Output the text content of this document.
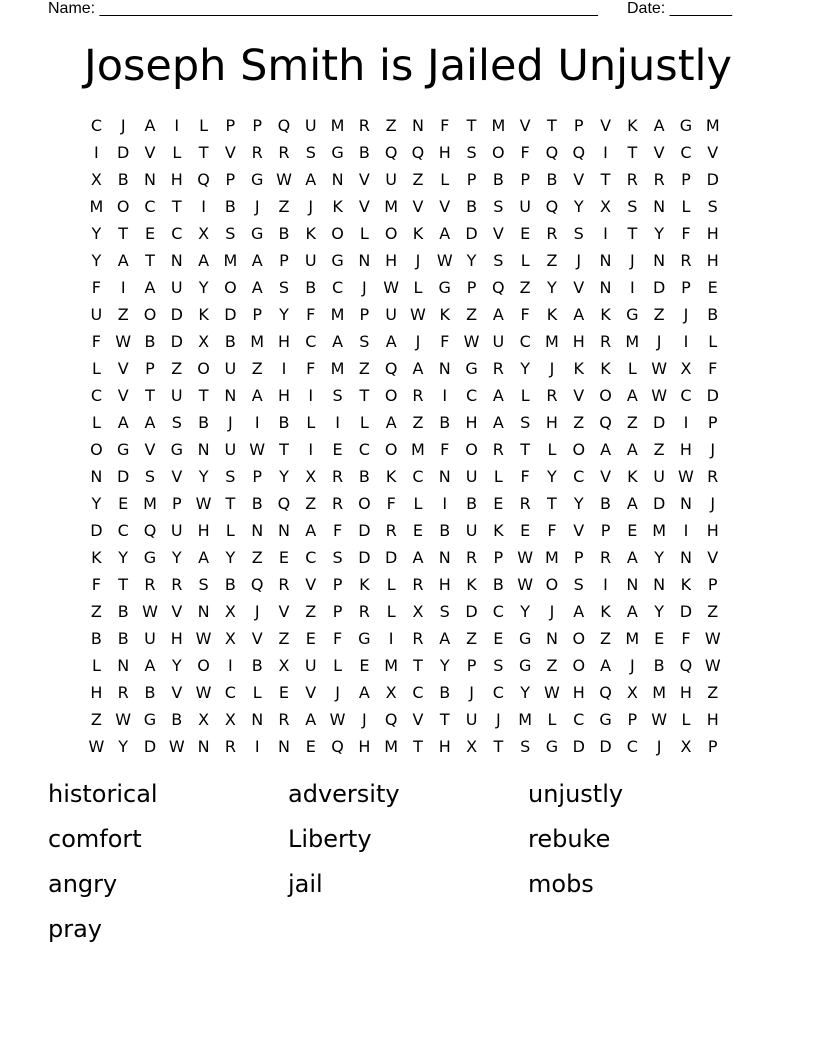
Name: ________________________________________________________ Date: _______
Joseph Smith is Jailed Unjustly
C	J	A	I	L	P	P Q U M R Z N	F	T M V	T	P	V	K	A G M
I	D V	L	T	V R R	S G B Q Q H S O F Q Q	I	T	V C V
X B N H Q P G W A N V U Z	L	P	B	P	B V	T	R R	P D
M O C	T	I	B	J	Z	J	K	V M V V B	S U Q Y	X	S N	L	S
Y	T	E	C X	S G B	K O	L	O K	A D V	E	R	S	I	T	Y	F	H
Y	A	T N A M A	P	U G N H	J	W Y	S	L	Z	J	N	J	N R H
F	I	A U	Y O A	S	B C	J	W L	G P Q Z	Y	V N	I	D P	E
U Z O D K D P	Y	F M P	U W K	Z A	F	K	A	K G Z	J	B
F W B D X B M H C A	S	A	J	F W U C M H R M	J	I	L
L	V	P	Z O U Z	I	F M Z Q A N G R	Y	J	K	K	L W X	F
C V	T	U	T N A H	I	S	T O R	I	C A	L	R V O A W C D
L	A A	S	B	J	I	B	L	I	L	A Z B H A	S H Z Q Z D	I	P
O G V G N U W T	I	E	C O M F O R	T	L	O A A Z H	J
N D S	V	Y	S	P	Y	X R B	K C N U	L	F	Y	C V	K U W R
Y	E M P W T	B Q Z R O F	L	I	B	E	R	T	Y	B A D N	J
D C Q U H	L	N N A	F	D R	E	B U K	E	F	V	P	E M	I	H
K	Y G Y	A	Y	Z	E	C	S D D A N R	P W M P	R A	Y N V
F	T	R R	S	B Q R V	P	K	L	R H K	B W O S	I	N N K	P
Z B W V N X	J	V Z	P	R	L	X	S D C	Y	J	A	K	A	Y D Z
B B U H W X V Z	E	F G	I	R A Z	E G N O Z M E	F W
L	N A	Y O	I	B X U	L	E M T	Y	P	S G Z O A	J	B Q W
H R B V W C	L	E	V	J	A X C B	J	C	Y W H Q X M H Z
Z W G B X X N R A W	J	Q V	T	U	J	M L	C G P W L	H
W Y D W N R	I	N E Q H M T H X	T	S G D D C	J	X	P
historical	adversity	unjustly
comfort	Liberty	rebuke
angry	jail	mobs
pray
